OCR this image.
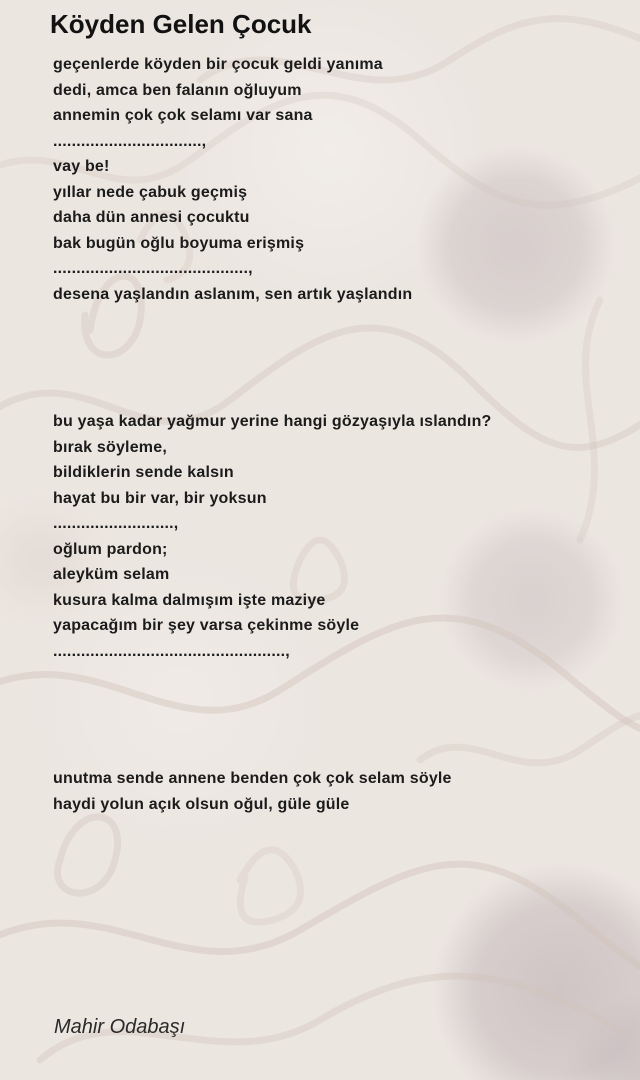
Köyden Gelen Çocuk
geçenlerde köyden bir çocuk geldi yanıma
dedi, amca ben falanın oğluyum
annemin çok çok selamı var sana
................................,
vay be!
yıllar nede çabuk geçmiş
daha dün annesi çocuktu
bak bugün oğlu boyuma erişmiş
..........................................,
desena yaşlandın aslanım, sen artık yaşlandın
bu yaşa kadar yağmur yerine hangi gözyaşıyla ıslandın?
bırak söyleme,
bildiklerin sende kalsın
hayat bu bir var, bir yoksun
..........................,
oğlum pardon;
aleyküm selam
kusura kalma dalmışım işte maziye
yapacağım bir şey varsa çekinme söyle
..................................................,
unutma sende annene benden çok çok selam söyle
haydi yolun açık olsun oğul, güle güle
Mahir Odabaşı
